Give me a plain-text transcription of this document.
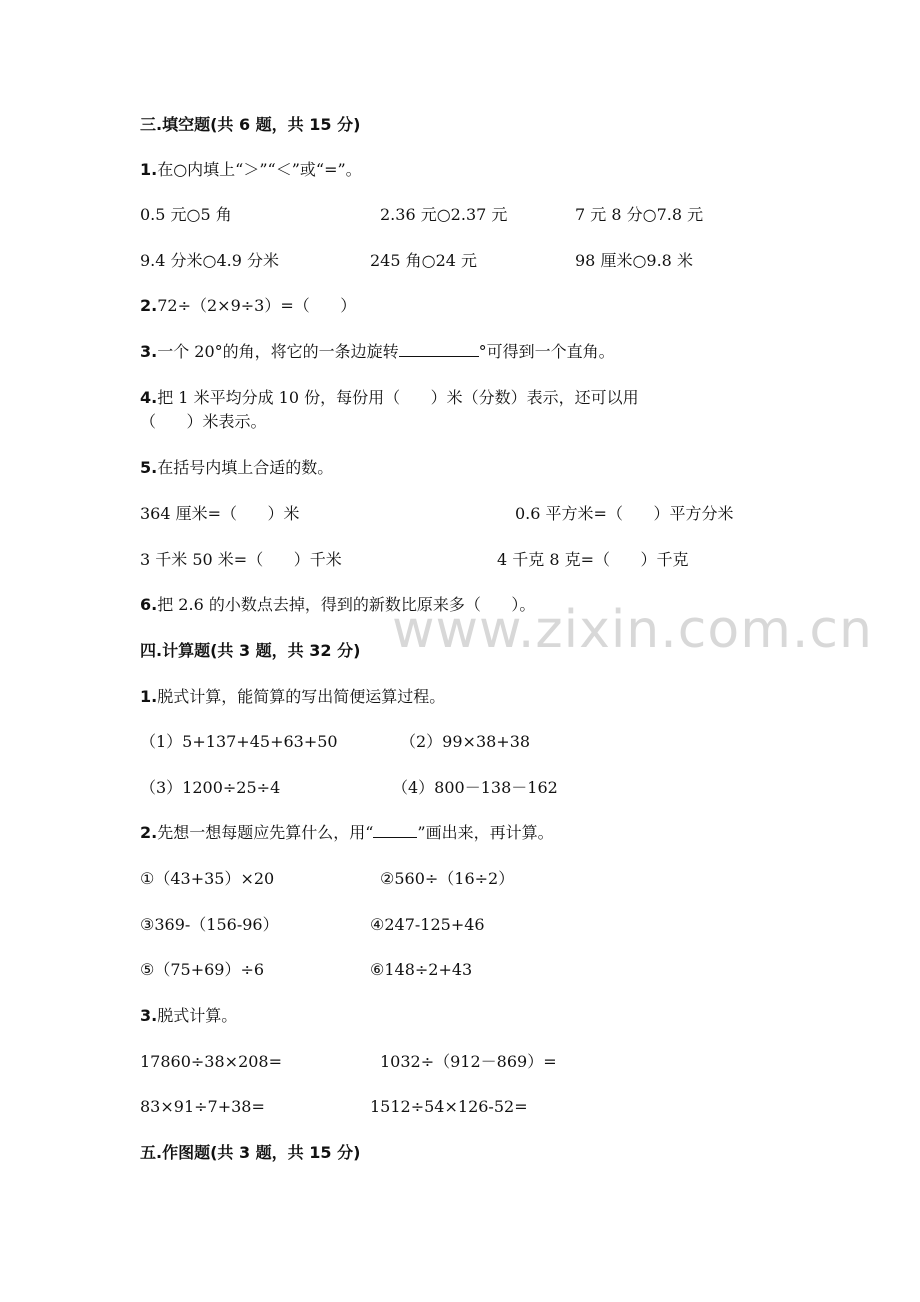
三.填空题(共 6 题，共 15 分)
1.在○内填上“＞”“＜”或“=”。
0.5 元○5 角	2.36 元○2.37 元	7 元 8 分○7.8 元
9.4 分米○4.9 分米	245 角○24 元	98 厘米○9.8 米
2.72÷（2×9÷3）=（      ）
3.一个 20°的角，将它的一条边旋转	°可得到一个直角。
4.把 1 米平均分成 10 份，每份用（      ）米（分数）表示，还可以用
（      ）米表示。
5.在括号内填上合适的数。
364 厘米=（      ）米	0.6 平方米=（      ）平方分米
3 千米 50 米=（      ）千米	4 千克 8 克=（      ）千克
6.把 2.6 的小数点去掉，得到的新数比原来多（      ）。
四.计算题(共 3 题，共 32 分)
1.脱式计算，能简算的写出简便运算过程。
（1）5+137+45+63+50	（2）99×38+38
（3）1200÷25÷4	（4）800－138－162
2.先想一想每题应先算什么，用“	”画出来，再计算。
①（43+35）×20	②560÷（16÷2）
③369-（156-96）	④247-125+46
⑤（75+69）÷6	⑥148÷2+43
3.脱式计算。
17860÷38×208=	1032÷（912－869）=
83×91÷7+38=	1512÷54×126-52=
五.作图题(共 3 题，共 15 分)
www.zixin.com.cn
